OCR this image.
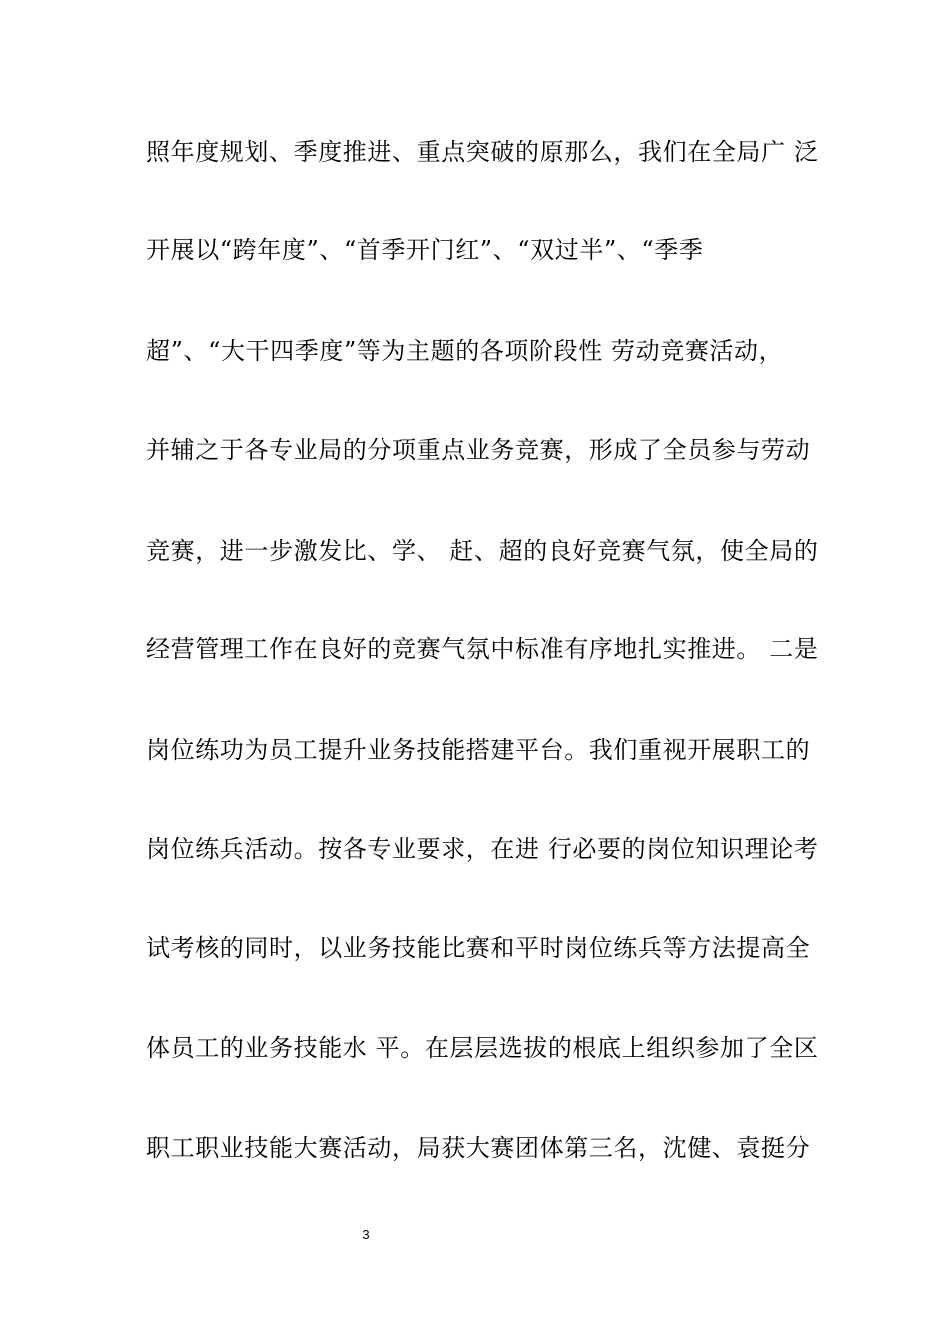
照年度规划、季度推进、重点突破的原那么，我们在全局广 泛
开展以“跨年度”、“首季开门红”、“双过半”、“季季
超”、“大干四季度”等为主题的各项阶段性 劳动竞赛活动，
并辅之于各专业局的分项重点业务竞赛，形成了全员参与劳动
竞赛，进一步激发比、学、 赶、超的良好竞赛气氛，使全局的
经营管理工作在良好的竞赛气氛中标准有序地扎实推进。 二是
岗位练功为员工提升业务技能搭建平台。我们重视开展职工的
岗位练兵活动。按各专业要求，在进 行必要的岗位知识理论考
试考核的同时，以业务技能比赛和平时岗位练兵等方法提高全
体员工的业务技能水 平。在层层选拔的根底上组织参加了全区
职工职业技能大赛活动，局获大赛团体第三名，沈健、袁挺分
3
